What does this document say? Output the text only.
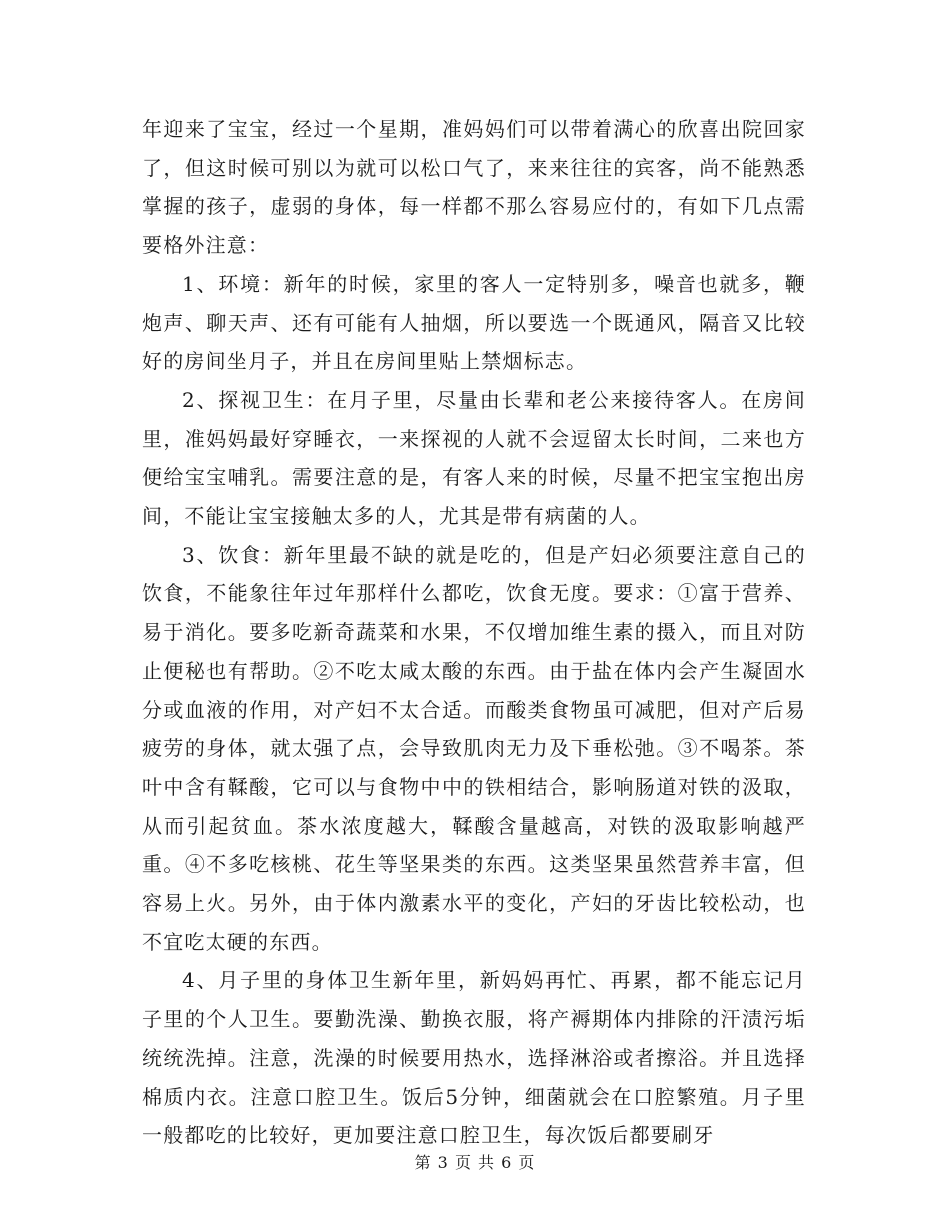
年迎来了宝宝，经过一个星期，准妈妈们可以带着满心的欣喜出院回家了，但这时候可别以为就可以松口气了，来来往往的宾客，尚不能熟悉掌握的孩子，虚弱的身体，每一样都不那么容易应付的，有如下几点需要格外注意：

1、环境：新年的时候，家里的客人一定特别多，噪音也就多，鞭炮声、聊天声、还有可能有人抽烟，所以要选一个既通风，隔音又比较好的房间坐月子，并且在房间里贴上禁烟标志。

2、探视卫生：在月子里，尽量由长辈和老公来接待客人。在房间里，准妈妈最好穿睡衣，一来探视的人就不会逗留太长时间，二来也方便给宝宝哺乳。需要注意的是，有客人来的时候，尽量不把宝宝抱出房间，不能让宝宝接触太多的人，尤其是带有病菌的人。

3、饮食：新年里最不缺的就是吃的，但是产妇必须要注意自己的饮食，不能象往年过年那样什么都吃，饮食无度。要求：①富于营养、易于消化。要多吃新奇蔬菜和水果，不仅增加维生素的摄入，而且对防止便秘也有帮助。②不吃太咸太酸的东西。由于盐在体内会产生凝固水分或血液的作用，对产妇不太合适。而酸类食物虽可减肥，但对产后易疲劳的身体，就太强了点，会导致肌肉无力及下垂松弛。③不喝茶。茶叶中含有鞣酸，它可以与食物中中的铁相结合，影响肠道对铁的汲取，从而引起贫血。茶水浓度越大，鞣酸含量越高，对铁的汲取影响越严重。④不多吃核桃、花生等坚果类的东西。这类坚果虽然营养丰富，但容易上火。另外，由于体内激素水平的变化，产妇的牙齿比较松动，也不宜吃太硬的东西。

4、月子里的身体卫生新年里，新妈妈再忙、再累，都不能忘记月子里的个人卫生。要勤洗澡、勤换衣服，将产褥期体内排除的汗渍污垢统统洗掉。注意，洗澡的时候要用热水，选择淋浴或者擦浴。并且选择棉质内衣。注意口腔卫生。饭后5分钟，细菌就会在口腔繁殖。月子里一般都吃的比较好，更加要注意口腔卫生，每次饭后都要刷牙

第 3 页 共 6 页
